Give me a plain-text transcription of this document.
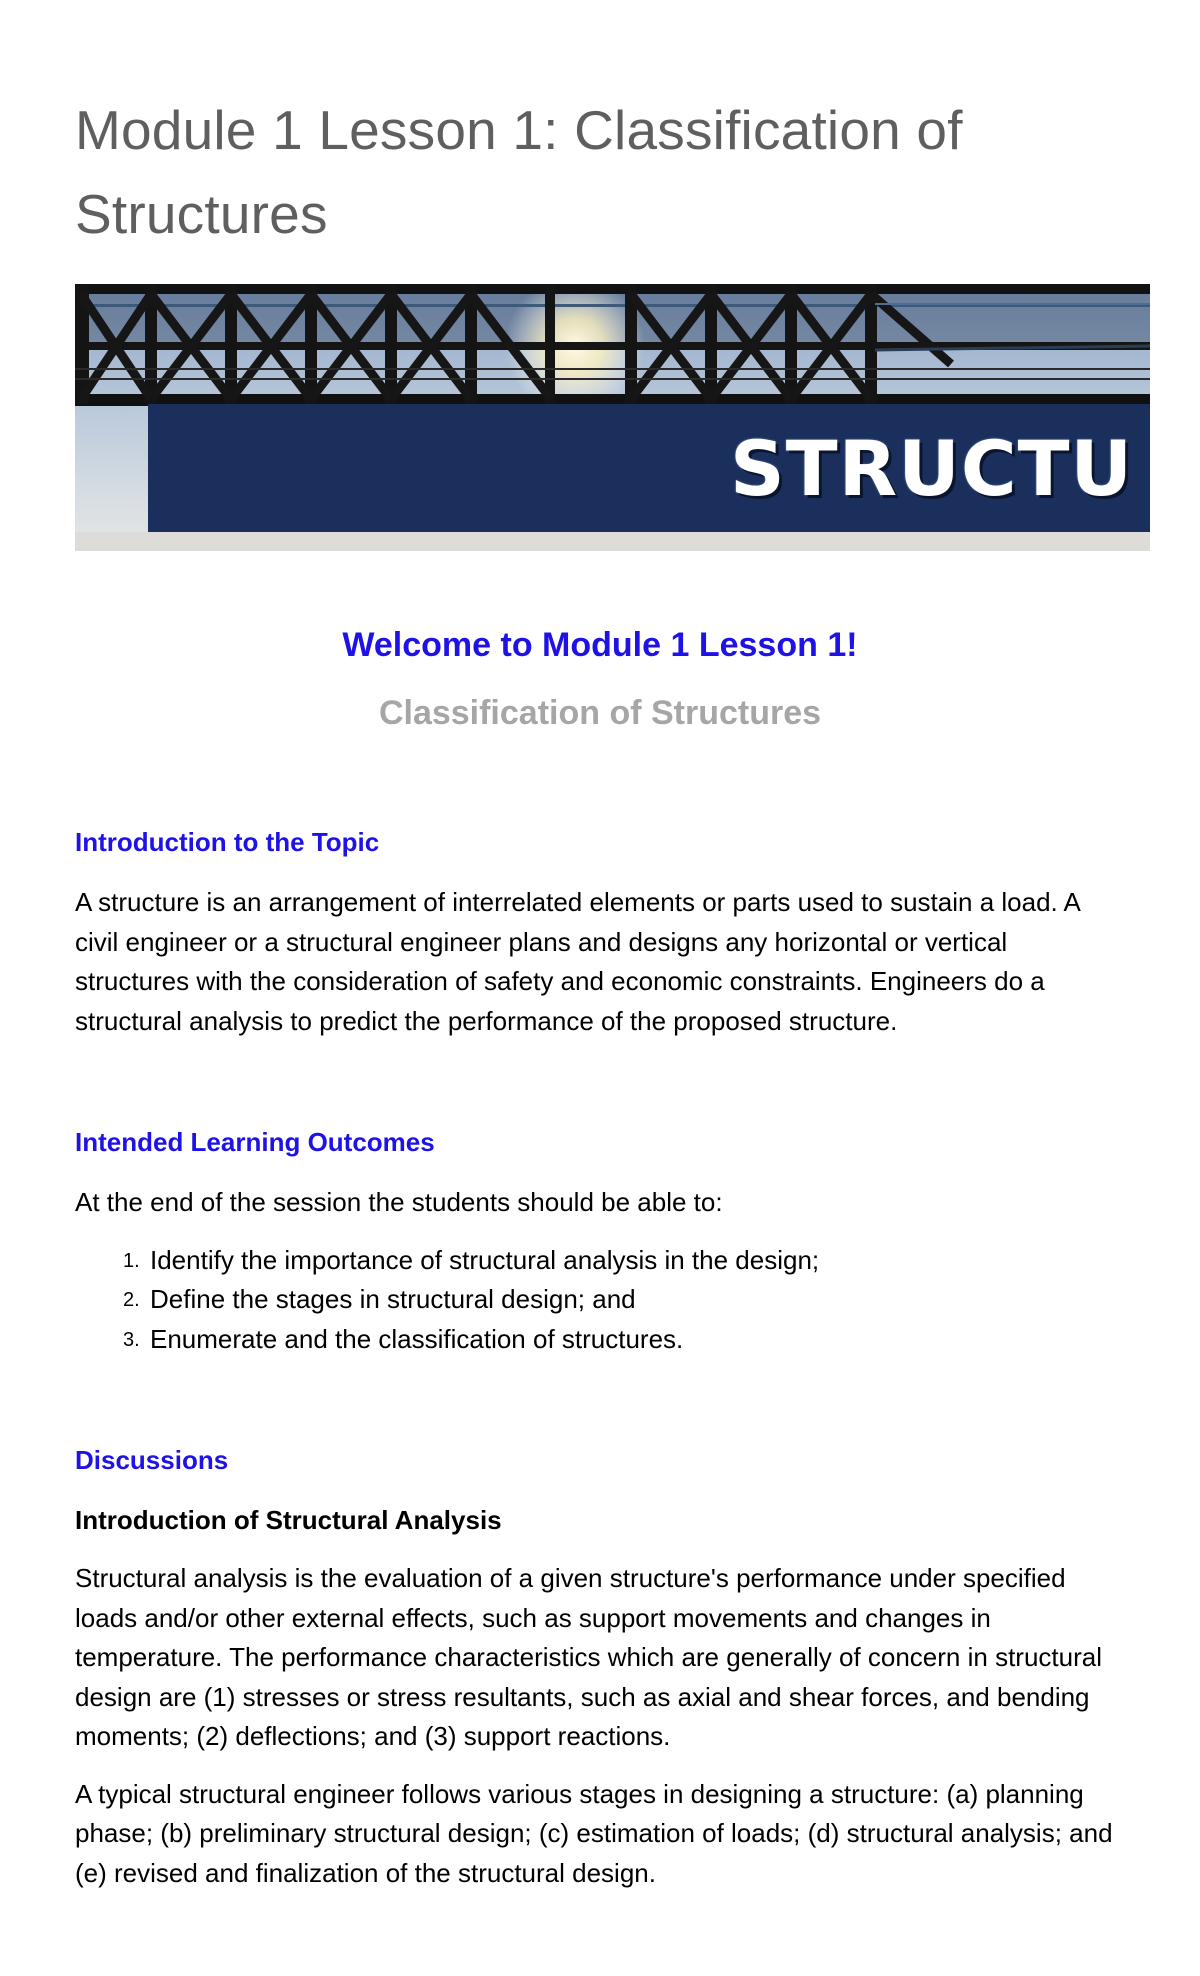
Module 1 Lesson 1: Classification of Structures
STRUCTU
Welcome to Module 1 Lesson 1!
Classification of Structures
Introduction to the Topic

A structure is an arrangement of interrelated elements or parts used to sustain a load. A civil engineer or a structural engineer plans and designs any horizontal or vertical structures with the consideration of safety and economic constraints. Engineers do a structural analysis to predict the performance of the proposed structure.

Intended Learning Outcomes

At the end of the session the students should be able to:

1. Identify the importance of structural analysis in the design;
2. Define the stages in structural design; and
3. Enumerate and the classification of structures.
Discussions
Introduction of Structural Analysis

Structural analysis is the evaluation of a given structure's performance under specified loads and/or other external effects, such as support movements and changes in temperature. The performance characteristics which are generally of concern in structural design are (1) stresses or stress resultants, such as axial and shear forces, and bending moments; (2) deflections; and (3) support reactions.

A typical structural engineer follows various stages in designing a structure: (a) planning phase; (b) preliminary structural design; (c) estimation of loads; (d) structural analysis; and (e) revised and finalization of the structural design.
